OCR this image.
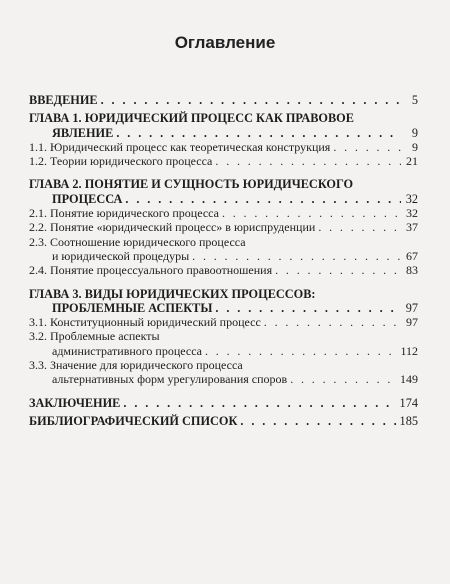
Оглавление
ВВЕДЕНИЕ . . .	5
ГЛАВА 1. ЮРИДИЧЕСКИЙ ПРОЦЕСС КАК ПРАВОВОЕ
ЯВЛЕНИЕ . . .	9
1.1. Юридический процесс как теоретическая конструкция . . .	9
1.2. Теории юридического процесса . . .	21
ГЛАВА 2. ПОНЯТИЕ И СУЩНОСТЬ ЮРИДИЧЕСКОГО
ПРОЦЕССА . . .	32
2.1. Понятие юридического процесса . . .	32
2.2. Понятие «юридический процесс» в юриспруденции . . .	37
2.3. Соотношение юридического процесса
и юридической процедуры . . .	67
2.4. Понятие процессуального правоотношения . . .	83
ГЛАВА 3. ВИДЫ ЮРИДИЧЕСКИХ ПРОЦЕССОВ:
ПРОБЛЕМНЫЕ АСПЕКТЫ . . .	97
3.1. Конституционный юридический процесс . . .	97
3.2. Проблемные аспекты
административного процесса . . .	112
3.3. Значение для юридического процесса
альтернативных форм урегулирования споров . . .	149
ЗАКЛЮЧЕНИЕ . . .	174
БИБЛИОГРАФИЧЕСКИЙ СПИСОК . . .	185
